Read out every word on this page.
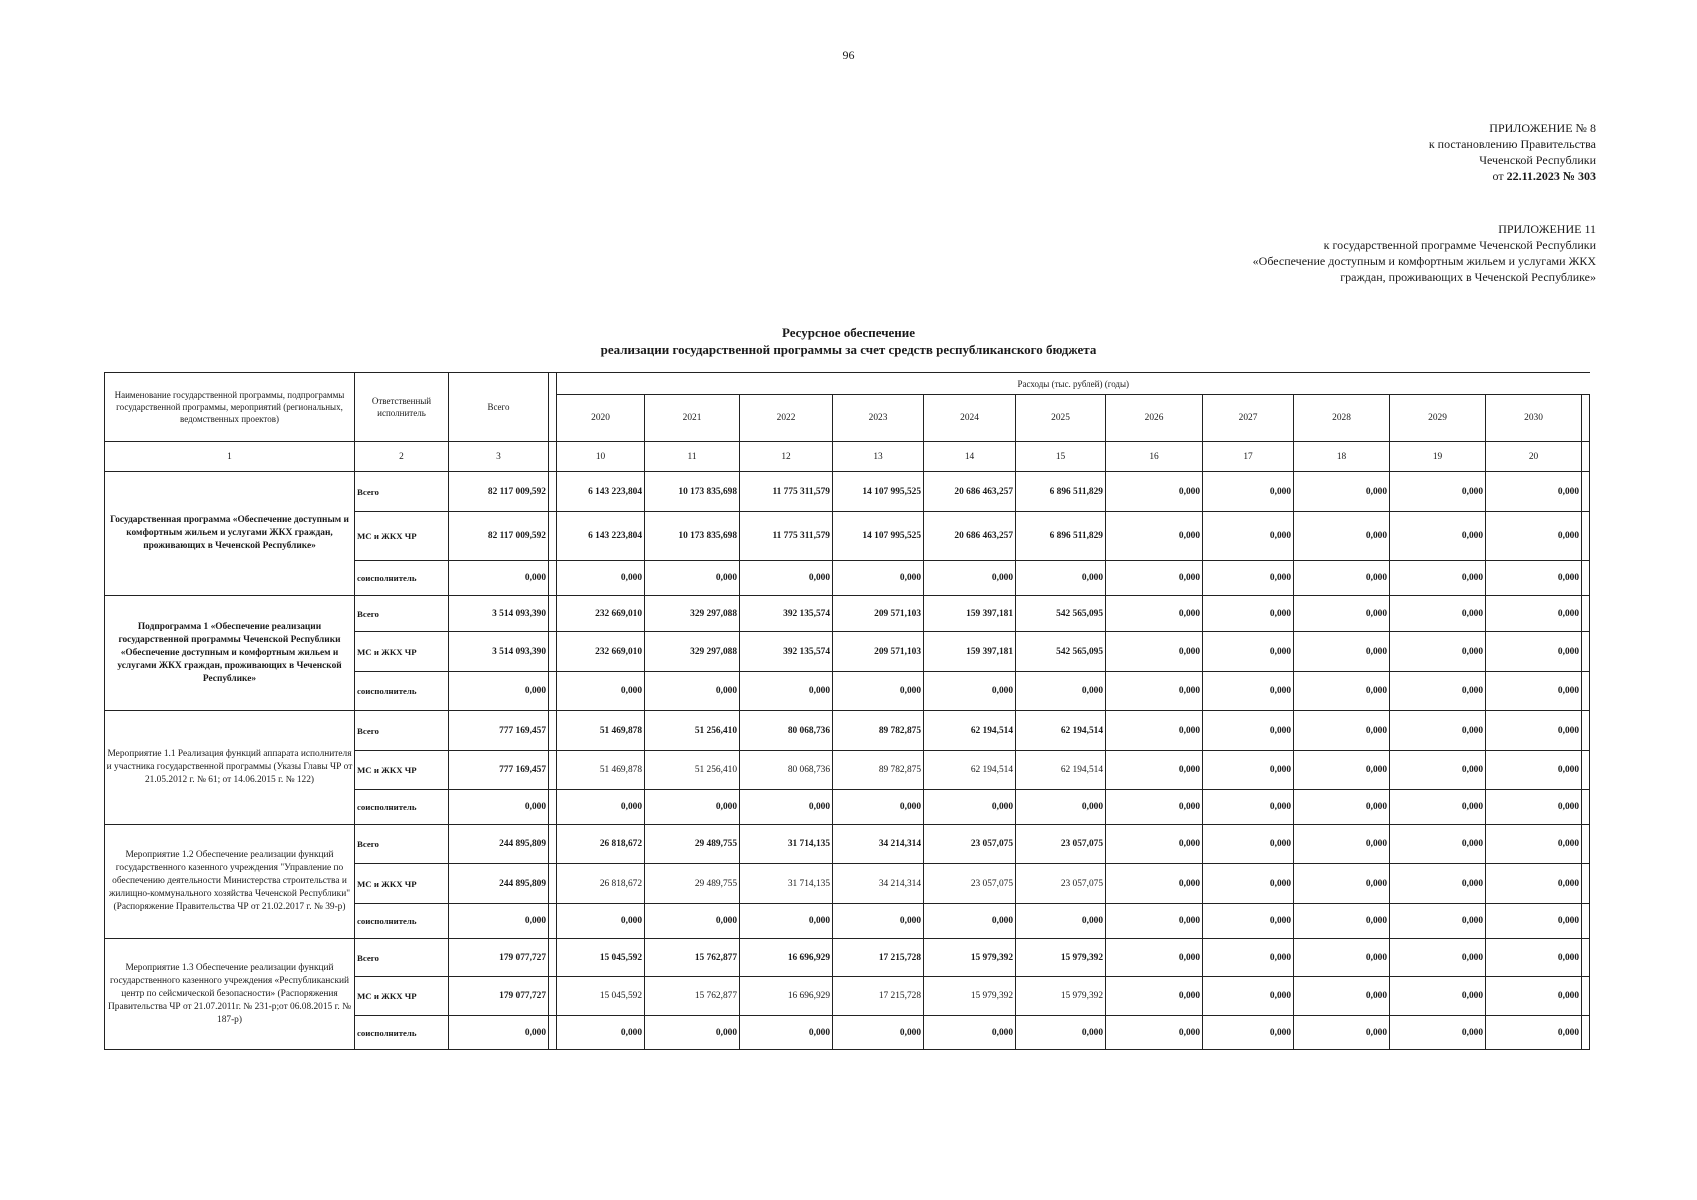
96
ПРИЛОЖЕНИЕ № 8
к постановлению Правительства
Чеченской Республики
от 22.11.2023 № 303
ПРИЛОЖЕНИЕ 11
к государственной программе Чеченской Республики
«Обеспечение доступным и комфортным жильем и услугами ЖКХ
граждан, проживающих в Чеченской Республике»
Ресурсное обеспечение
реализации государственной программы за счет средств республиканского бюджета
Наименование государственной программы, подпрограммы государственной программы, мероприятий (региональных, ведомственных проектов)	Ответственный исполнитель	Всего		Расходы (тыс. рублей) (годы)											
				2020	2021	2022	2023	2024	2025	2026	2027	2028	2029	2030	
1	2	3		10	11	12	13	14	15	16	17	18	19	20	
Государственная программа «Обеспечение доступным и комфортным жильем и услугами ЖКХ граждан, проживающих в Чеченской Республике»	Всего	82 117 009,592		6 143 223,804	10 173 835,698	11 775 311,579	14 107 995,525	20 686 463,257	6 896 511,829	0,000	0,000	0,000	0,000	0,000	
	МС и ЖКХ ЧР	82 117 009,592		6 143 223,804	10 173 835,698	11 775 311,579	14 107 995,525	20 686 463,257	6 896 511,829	0,000	0,000	0,000	0,000	0,000	
	соисполнитель	0,000		0,000	0,000	0,000	0,000	0,000	0,000	0,000	0,000	0,000	0,000	0,000	
Подпрограмма 1 «Обеспечение реализации государственной программы Чеченской Республики «Обеспечение доступным и комфортным жильем и услугами ЖКХ граждан, проживающих в Чеченской Республике»	Всего	3 514 093,390		232 669,010	329 297,088	392 135,574	209 571,103	159 397,181	542 565,095	0,000	0,000	0,000	0,000	0,000	
	МС и ЖКХ ЧР	3 514 093,390		232 669,010	329 297,088	392 135,574	209 571,103	159 397,181	542 565,095	0,000	0,000	0,000	0,000	0,000	
	соисполнитель	0,000		0,000	0,000	0,000	0,000	0,000	0,000	0,000	0,000	0,000	0,000	0,000	
Мероприятие 1.1 Реализация функций аппарата исполнителя и участника государственной программы (Указы Главы ЧР от 21.05.2012 г. № 61; от 14.06.2015 г. № 122)	Всего	777 169,457		51 469,878	51 256,410	80 068,736	89 782,875	62 194,514	62 194,514	0,000	0,000	0,000	0,000	0,000	
	МС и ЖКХ ЧР	777 169,457		51 469,878	51 256,410	80 068,736	89 782,875	62 194,514	62 194,514	0,000	0,000	0,000	0,000	0,000	
	соисполнитель	0,000		0,000	0,000	0,000	0,000	0,000	0,000	0,000	0,000	0,000	0,000	0,000	
Мероприятие 1.2 Обеспечение реализации функций государственного казенного учреждения "Управление по обеспечению деятельности Министерства строительства и жилищно-коммунального хозяйства Чеченской Республики" (Распоряжение Правительства ЧР от 21.02.2017 г. № 39-р)	Всего	244 895,809		26 818,672	29 489,755	31 714,135	34 214,314	23 057,075	23 057,075	0,000	0,000	0,000	0,000	0,000	
	МС и ЖКХ ЧР	244 895,809		26 818,672	29 489,755	31 714,135	34 214,314	23 057,075	23 057,075	0,000	0,000	0,000	0,000	0,000	
	соисполнитель	0,000		0,000	0,000	0,000	0,000	0,000	0,000	0,000	0,000	0,000	0,000	0,000	
Мероприятие 1.3 Обеспечение реализации функций государственного казенного учреждения «Республиканский центр по сейсмической безопасности» (Распоряжения Правительства ЧР от 21.07.2011г. № 231-р;от 06.08.2015 г. № 187-р)	Всего	179 077,727		15 045,592	15 762,877	16 696,929	17 215,728	15 979,392	15 979,392	0,000	0,000	0,000	0,000	0,000	
	МС и ЖКХ ЧР	179 077,727		15 045,592	15 762,877	16 696,929	17 215,728	15 979,392	15 979,392	0,000	0,000	0,000	0,000	0,000	
	соисполнитель	0,000		0,000	0,000	0,000	0,000	0,000	0,000	0,000	0,000	0,000	0,000	0,000	
